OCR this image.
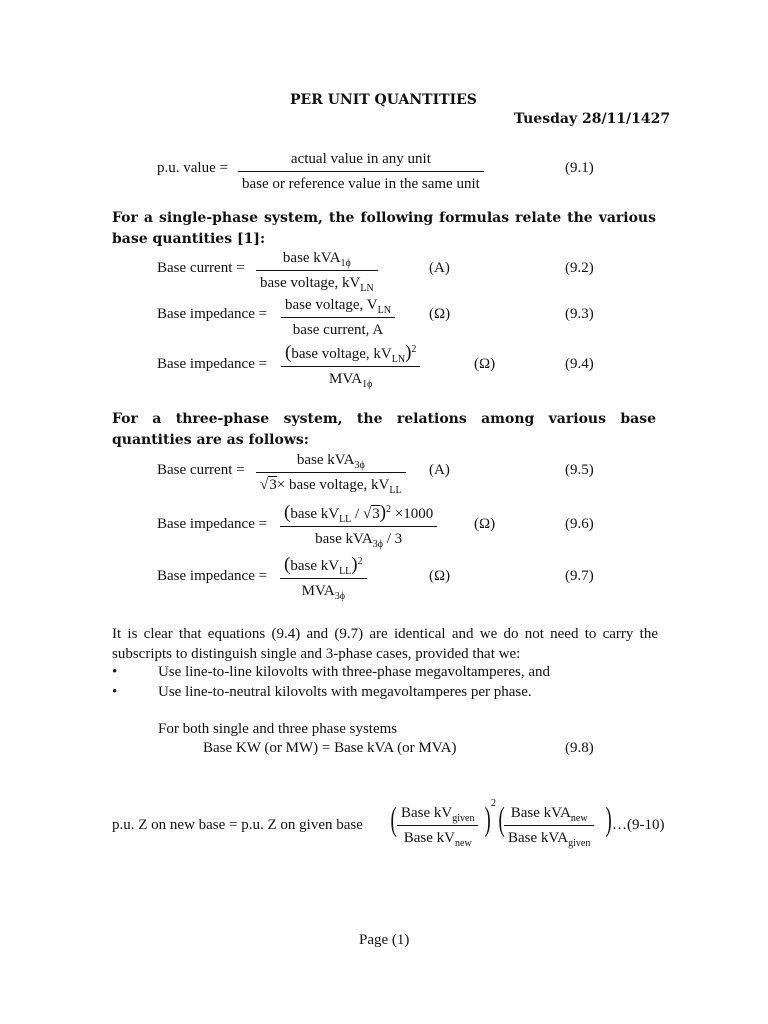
PER UNIT QUANTITIES
Tuesday 28/11/1427
p.u. value =
actual value in any unit
base or reference value in the same unit
(9.1)
For a single-phase system, the following formulas relate the various base quantities [1]:
Base current =
base kVA$_{1\phi}$
base voltage, $kV_{LN}$
(A)	(9.2)
Base impedance =
base voltage, $V_{LN}$
base current, A
(Ω)	(9.3)
Base impedance =
(base voltage, $kV_{LN})^2$
$MVA_{1\phi}$
(Ω)	(9.4)
For a three-phase system, the relations among various base quantities are as follows:
Base current =
base kVA$_{3\phi}$
√3× base voltage, $kV_{LL}$
(A)	(9.5)
Base impedance =
(base $kV_{LL} / √3)^2 \times 1000$
base kVA$_{3\phi}$ / 3
(Ω)	(9.6)
Base impedance =
(base $kV_{LL})^2$
$MVA_{3\phi}$
(Ω)	(9.7)
It is clear that equations (9.4) and (9.7) are identical and we do not need to carry the subscripts to distinguish single and 3-phase cases, provided that we:
•	Use line-to-line kilovolts with three-phase megavoltamperes, and
•	Use line-to-neutral kilovolts with megavoltamperes per phase.
For both single and three phase systems
Base KW (or MW) = Base kVA (or MVA)	(9.8)
p.u. Z on new base = p.u. Z on given base ( Base $kV_{given}$
Base $kV_{new}$
) 2 ( Base kVA$_{new}$
Base kVA$_{given}$
) …(9-10)
Page (1)
